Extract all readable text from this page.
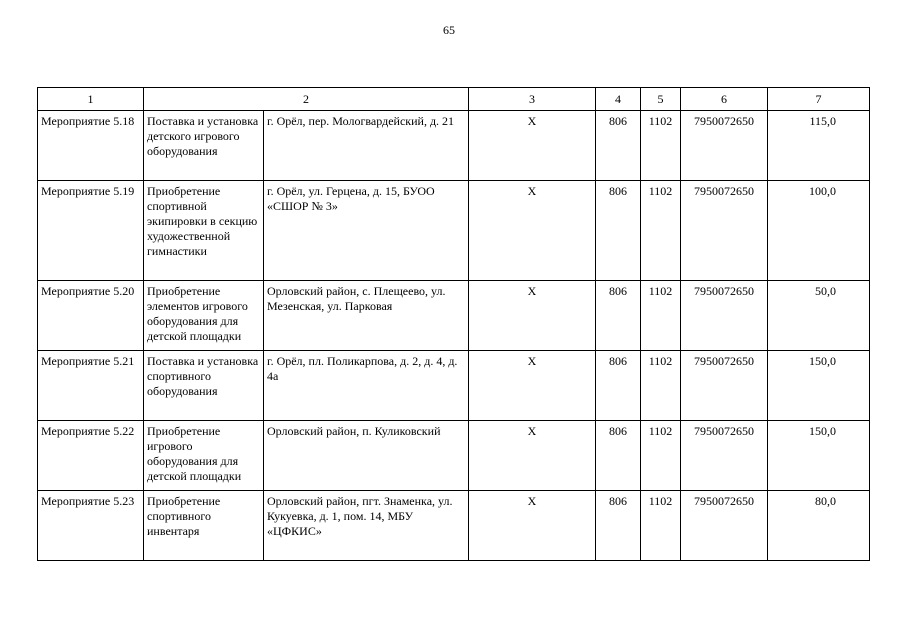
65
1	2		3	4	5	6	7
Мероприятие 5.18	Поставка и установка детского игрового оборудования	г. Орёл, пер. Мологвардейский, д. 21	Х	806	1102	7950072650	115,0
Мероприятие 5.19	Приобретение спортивной экипировки в секцию художественной гимнастики	г. Орёл, ул. Герцена, д. 15, БУОО «СШОР № 3»	Х	806	1102	7950072650	100,0
Мероприятие 5.20	Приобретение элементов игрового оборудования для детской площадки	Орловский район, с. Плещеево, ул. Мезенская, ул. Парковая	Х	806	1102	7950072650	50,0
Мероприятие 5.21	Поставка и установка спортивного оборудования	г. Орёл, пл. Поликарпова, д. 2, д. 4, д. 4а	Х	806	1102	7950072650	150,0
Мероприятие 5.22	Приобретение игрового оборудования для детской площадки	Орловский район, п. Куликовский	Х	806	1102	7950072650	150,0
Мероприятие 5.23	Приобретение спортивного инвентаря	Орловский район, пгт. Знаменка, ул. Кукуевка, д. 1, пом. 14, МБУ «ЦФКИС»	Х	806	1102	7950072650	80,0
